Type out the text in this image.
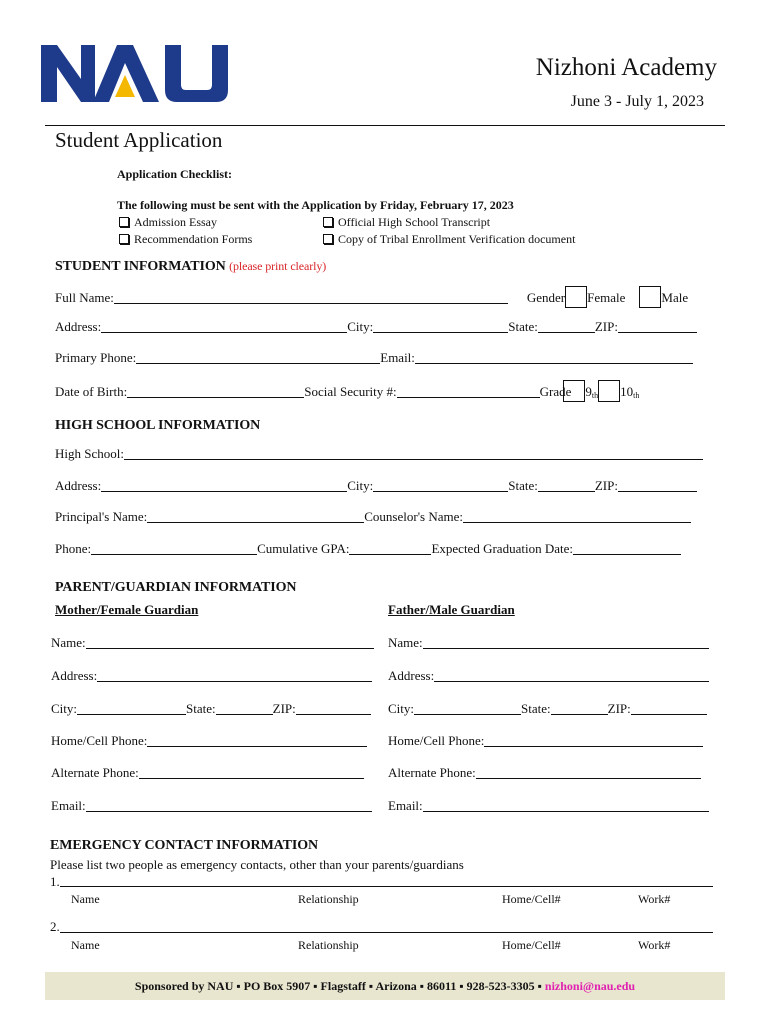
Nizhoni Academy
June 3 - July 1, 2023
Student Application
Application Checklist:
The following must be sent with the Application by Friday, February 17, 2023
Admission Essay	Official High School Transcript
Recommendation Forms	Copy of Tribal Enrollment Verification document
STUDENT INFORMATION (please print clearly)
Full Name:	Gender Female	Male
Address:	City:	State:	ZIP:
Primary Phone:	Email:
Date of Birth:	Social Security #:	Grade $9_{th}$ $10_{th}$
HIGH SCHOOL INFORMATION
High School:
Address:	City:	State:	ZIP:
Principal's Name:	Counselor's Name:
Phone:	Cumulative GPA:	Expected Graduation Date:
PARENT/GUARDIAN INFORMATION
Mother/Female Guardian	Father/Male Guardian
Name:
Address:
City:	State:	ZIP:
Home/Cell Phone:
Alternate Phone:
Email:
Name:
Address:
City:	State:	ZIP:
Home/Cell Phone:
Alternate Phone:
Email:
EMERGENCY CONTACT INFORMATION
Please list two people as emergency contacts, other than your parents/guardians
1.
Name	Relationship	Home/Cell#	Work#
2.
Name	Relationship	Home/Cell#	Work#
Sponsored by NAU ▪ PO Box 5907 ▪ Flagstaff ▪ Arizona ▪ 86011 ▪ 928-523-3305 ▪ nizhoni@nau.edu
